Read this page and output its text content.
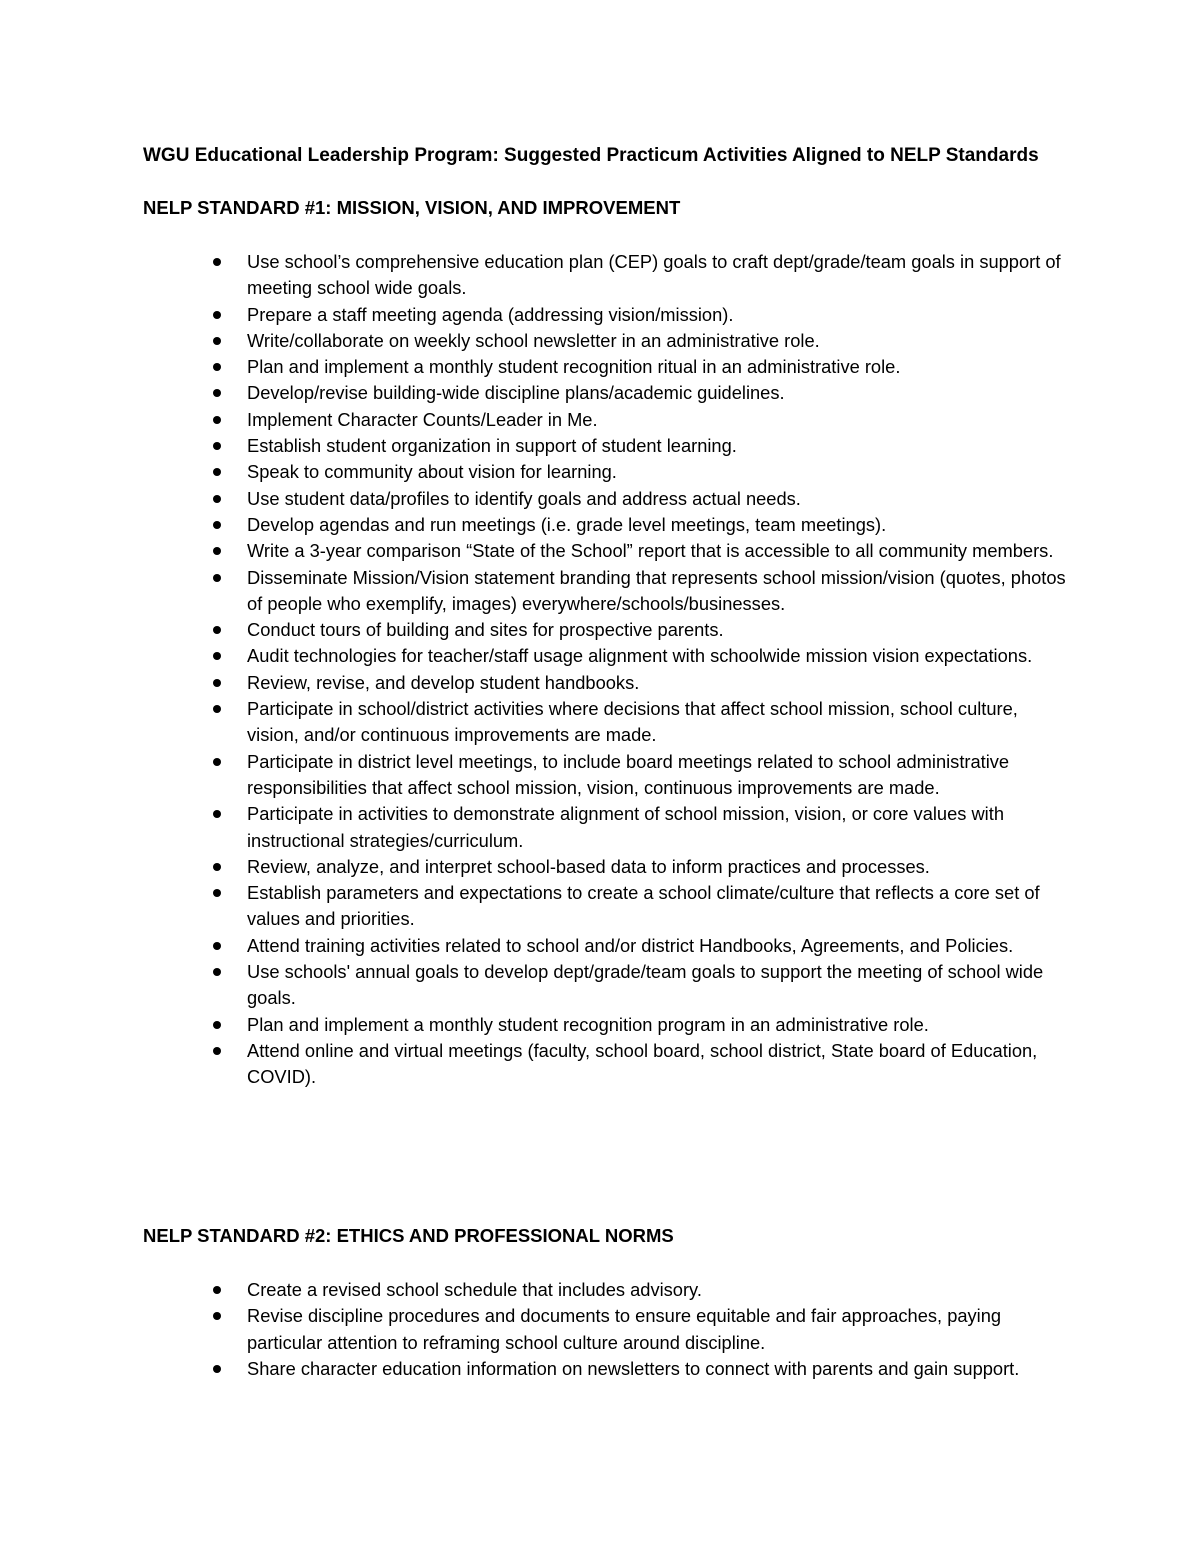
WGU Educational Leadership Program: Suggested Practicum Activities Aligned to NELP Standards
NELP STANDARD #1: MISSION, VISION, AND IMPROVEMENT
Use school’s comprehensive education plan (CEP) goals to craft dept/grade/team goals in support of meeting school wide goals.
Prepare a staff meeting agenda (addressing vision/mission).
Write/collaborate on weekly school newsletter in an administrative role.
Plan and implement a monthly student recognition ritual in an administrative role.
Develop/revise building-wide discipline plans/academic guidelines.
Implement Character Counts/Leader in Me.
Establish student organization in support of student learning.
Speak to community about vision for learning.
Use student data/profiles to identify goals and address actual needs.
Develop agendas and run meetings (i.e. grade level meetings, team meetings).
Write a 3-year comparison “State of the School” report that is accessible to all community members.
Disseminate Mission/Vision statement branding that represents school mission/vision (quotes, photos of people who exemplify, images) everywhere/schools/businesses.
Conduct tours of building and sites for prospective parents.
Audit technologies for teacher/staff usage alignment with schoolwide mission vision expectations.
Review, revise, and develop student handbooks.
Participate in school/district activities where decisions that affect school mission, school culture, vision, and/or continuous improvements are made.
Participate in district level meetings, to include board meetings related to school administrative responsibilities that affect school mission, vision, continuous improvements are made.
Participate in activities to demonstrate alignment of school mission, vision, or core values with instructional strategies/curriculum.
Review, analyze, and interpret school-based data to inform practices and processes.
Establish parameters and expectations to create a school climate/culture that reflects a core set of values and priorities.
Attend training activities related to school and/or district Handbooks, Agreements, and Policies.
Use schools' annual goals to develop dept/grade/team goals to support the meeting of school wide goals.
Plan and implement a monthly student recognition program in an administrative role.
Attend online and virtual meetings (faculty, school board, school district, State board of Education, COVID).
NELP STANDARD #2: ETHICS AND PROFESSIONAL NORMS
Create a revised school schedule that includes advisory.
Revise discipline procedures and documents to ensure equitable and fair approaches, paying particular attention to reframing school culture around discipline.
Share character education information on newsletters to connect with parents and gain support.
